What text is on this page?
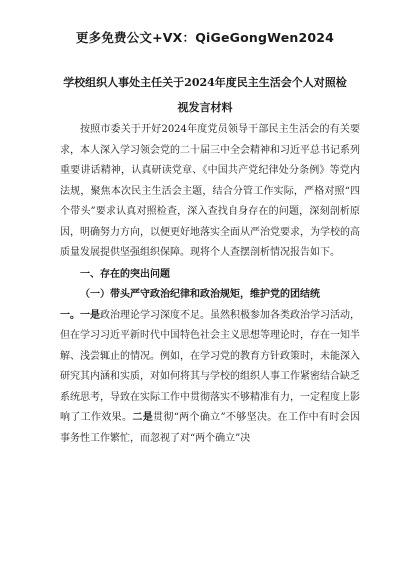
更多免费公文+VX：QiGeGongWen2024
学校组织人事处主任关于2024年度民主生活会个人对照检
视发言材料

按照市委关于开好2024年度党员领导干部民主生活会的有关要求，本人深入学习领会党的二十届三中全会精神和习近平总书记系列重要讲话精神，认真研读党章、《中国共产党纪律处分条例》等党内法规，聚焦本次民主生活会主题，结合分管工作实际，严格对照“四个带头”要求认真对照检查，深入查找自身存在的问题，深刻剖析原因，明确努力方向，以便更好地落实全面从严治党要求，为学校的高质量发展提供坚强组织保障。现将个人查摆剖析情况报告如下。

一、存在的突出问题

（一）带头严守政治纪律和政治规矩，维护党的团结统

一。一是政治理论学习深度不足。虽然积极参加各类政治学习活动，但在学习习近平新时代中国特色社会主义思想等理论时，存在一知半解、浅尝辄止的情况。例如，在学习党的教育方针政策时，未能深入研究其内涵和实质，对如何将其与学校的组织人事工作紧密结合缺乏系统思考，导致在实际工作中贯彻落实不够精准有力，一定程度上影响了工作效果。二是贯彻“两个确立”不够坚决。在工作中有时会因事务性工作繁忙，而忽视了对“两个确立”决
